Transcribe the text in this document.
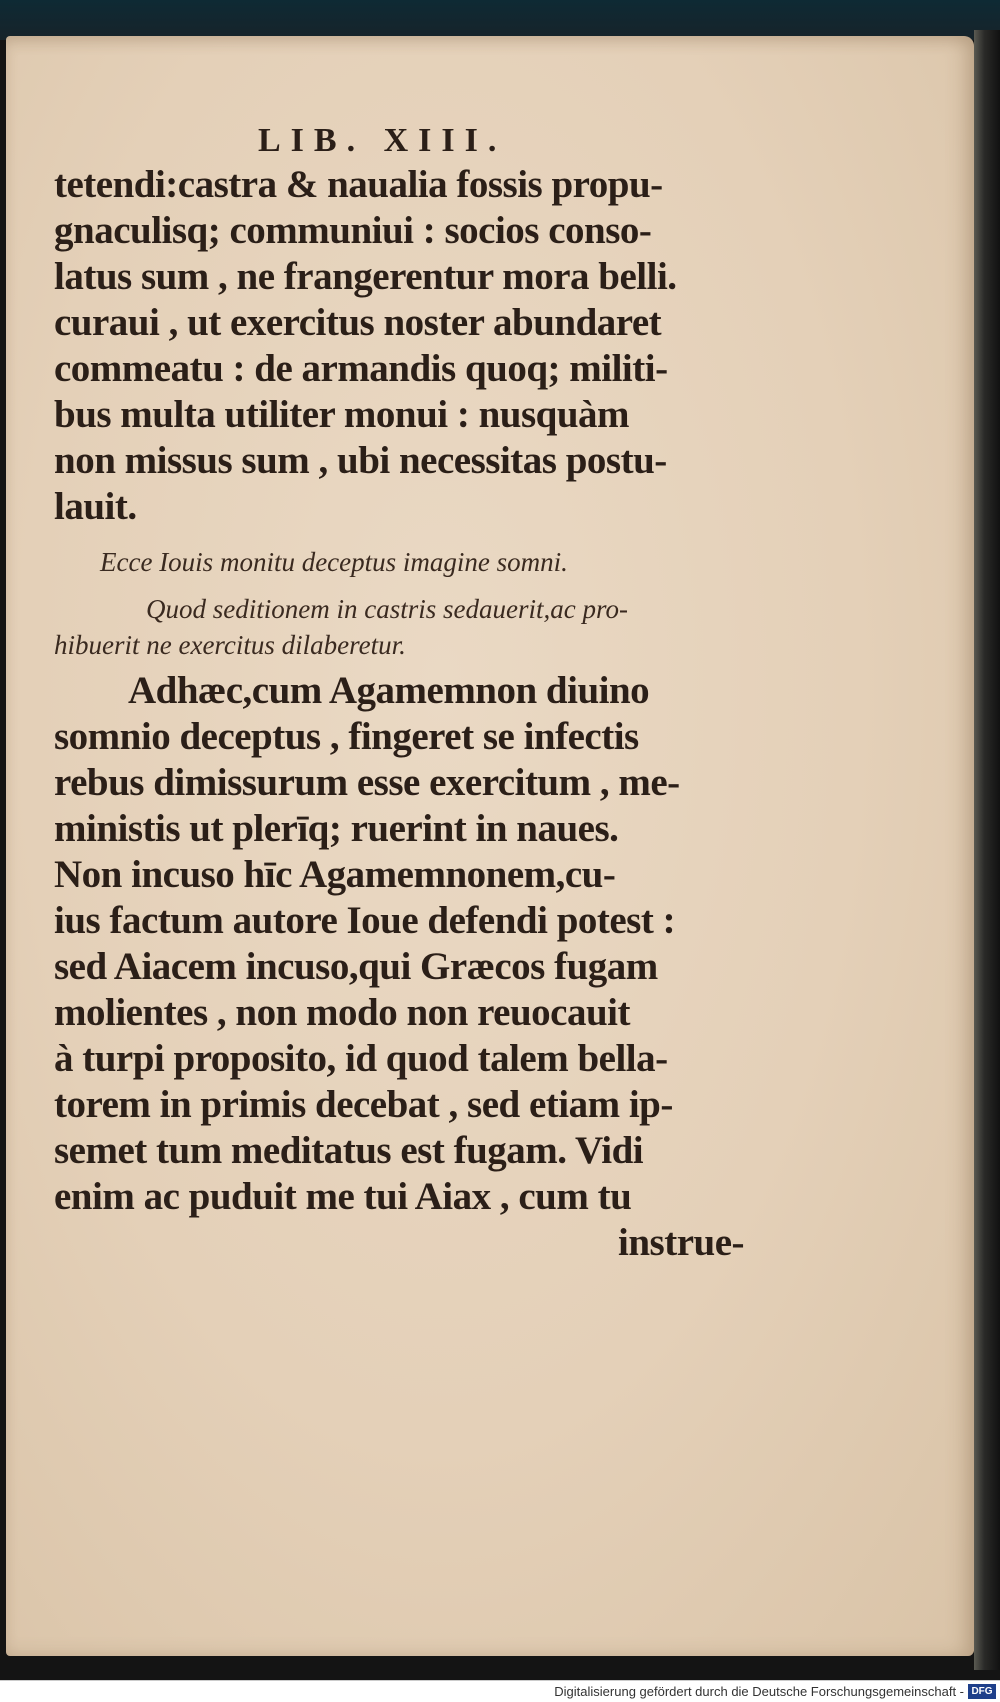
LIB. XIII.
tetendi:castra & naualia fossis propu-
gnaculisq; communiui : socios conso-
latus sum , ne frangerentur mora belli.
curaui , ut exercitus noster abundaret
commeatu : de armandis quoq; militi-
bus multa utiliter monui : nusquàm
non missus sum , ubi necessitas postu-
lauit.
Ecce Iouis monitu deceptus imagine somni.
Quod seditionem in castris sedauerit,ac pro-
hibuerit ne exercitus dilaberetur.
Adhæc,cum Agamemnon diuino
somnio deceptus , fingeret se infectis
rebus dimissurum esse exercitum , me-
ministis ut plerīq; ruerint in naues.
Non incuso hīc Agamemnonem,cu-
ius factum autore Ioue defendi potest :
sed Aiacem incuso,qui Græcos fugam
molientes , non modo non reuocauit
à turpi proposito, id quod talem bella-
torem in primis decebat , sed etiam ip-
semet tum meditatus est fugam. Vidi
enim ac puduit me tui Aiax , cum tu
instrue-
Digitalisierung gefördert durch die Deutsche Forschungsgemeinschaft - DFG
